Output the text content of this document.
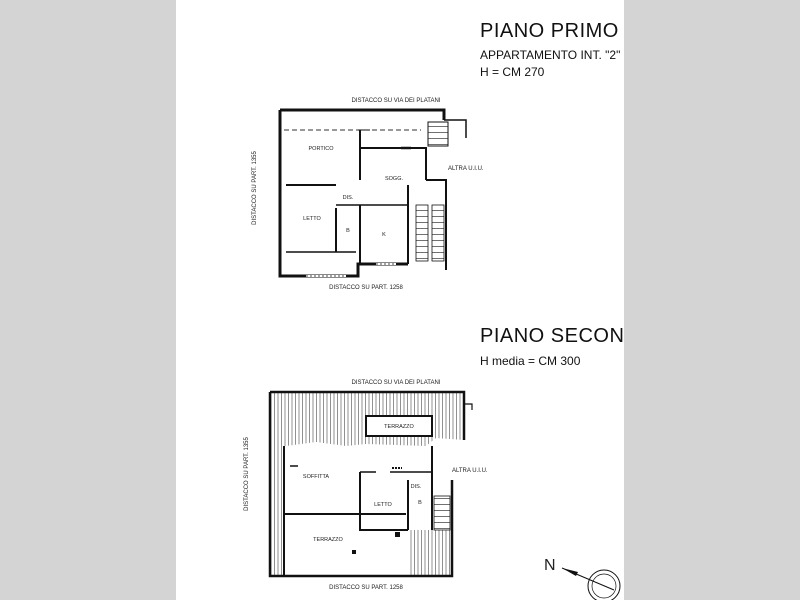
PIANO PRIMO
APPARTAMENTO INT. "2"
H = CM 270
PIANO SECON
H media = CM 300
DISTACCO SU VIA DEI PLATANI
DISTACCO SU PART. 1258
DISTACCO SU PART. 1355	ALTRA U.I.U.
PORTICO
SOGG.
DIS.
LETTO
B
K
DISTACCO SU VIA DEI PLATANI
DISTACCO SU PART. 1258
DISTACCO SU PART. 1355	ALTRA U.I.U.
TERRAZZO
SOFFITTA
DIS.
LETTO	B
TERRAZZO
N
